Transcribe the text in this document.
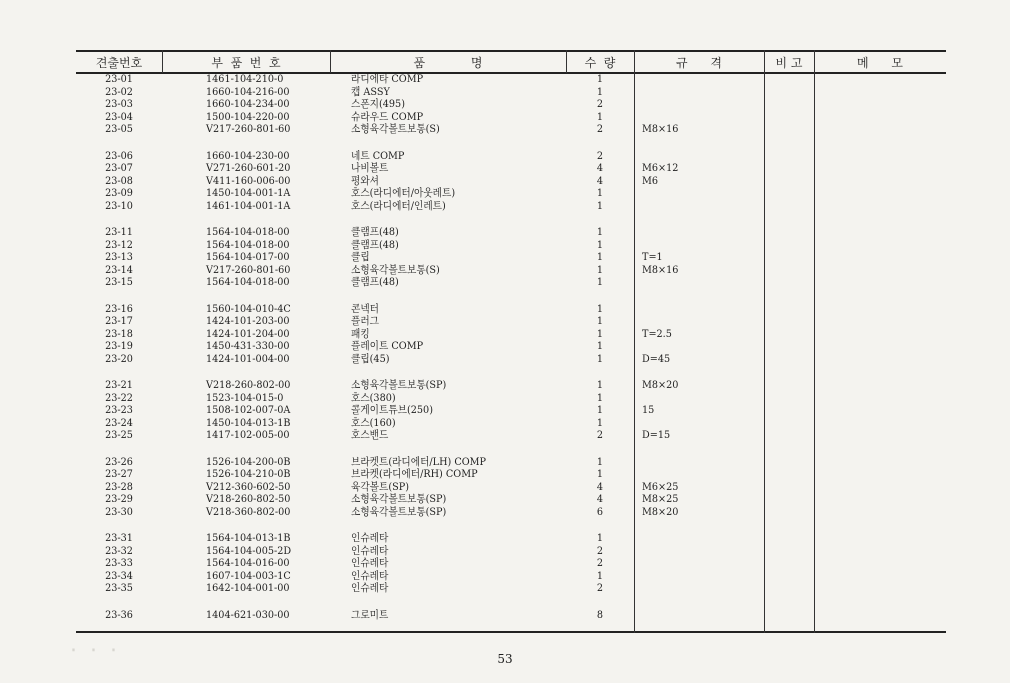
견출번호	부  품  번  호	품            명	수  량	규      격	비 고	메      모
23-01	1461-104-210-0	라디에타 COMP	1
23-02	1660-104-216-00	캡 ASSY	1
23-03	1660-104-234-00	스폰지(495)	2
23-04	1500-104-220-00	슈라우드 COMP	1
23-05	V217-260-801-60	소형육각볼트보통(S)	2	M8×16
23-06	1660-104-230-00	네트 COMP	2
23-07	V271-260-601-20	나비볼트	4	M6×12
23-08	V411-160-006-00	평와셔	4	M6
23-09	1450-104-001-1A	호스(라디에터/아웃레트)	1
23-10	1461-104-001-1A	호스(라디에터/인레트)	1
23-11	1564-104-018-00	클램프(48)	1
23-12	1564-104-018-00	클램프(48)	1
23-13	1564-104-017-00	클립	1	T=1
23-14	V217-260-801-60	소형육각볼트보통(S)	1	M8×16
23-15	1564-104-018-00	클램프(48)	1
23-16	1560-104-010-4C	콘넥터	1
23-17	1424-101-203-00	플러그	1
23-18	1424-101-204-00	패킹	1	T=2.5
23-19	1450-431-330-00	플레이트 COMP	1
23-20	1424-101-004-00	클립(45)	1	D=45
23-21	V218-260-802-00	소형육각볼트보통(SP)	1	M8×20
23-22	1523-104-015-0	호스(380)	1
23-23	1508-102-007-0A	콜게이트튜브(250)	1	15
23-24	1450-104-013-1B	호스(160)	1
23-25	1417-102-005-00	호스밴드	2	D=15
23-26	1526-104-200-0B	브라켓트(라디에터/LH) COMP	1
23-27	1526-104-210-0B	브라켓(라디에터/RH) COMP	1
23-28	V212-360-602-50	육각볼트(SP)	4	M6×25
23-29	V218-260-802-50	소형육각볼트보통(SP)	4	M8×25
23-30	V218-360-802-00	소형육각볼트보통(SP)	6	M8×20
23-31	1564-104-013-1B	인슈레타	1
23-32	1564-104-005-2D	인슈레타	2
23-33	1564-104-016-00	인슈레타	2
23-34	1607-104-003-1C	인슈레타	1
23-35	1642-104-001-00	인슈레타	2
23-36	1404-621-030-00	그로미트	8
· · ·	53
